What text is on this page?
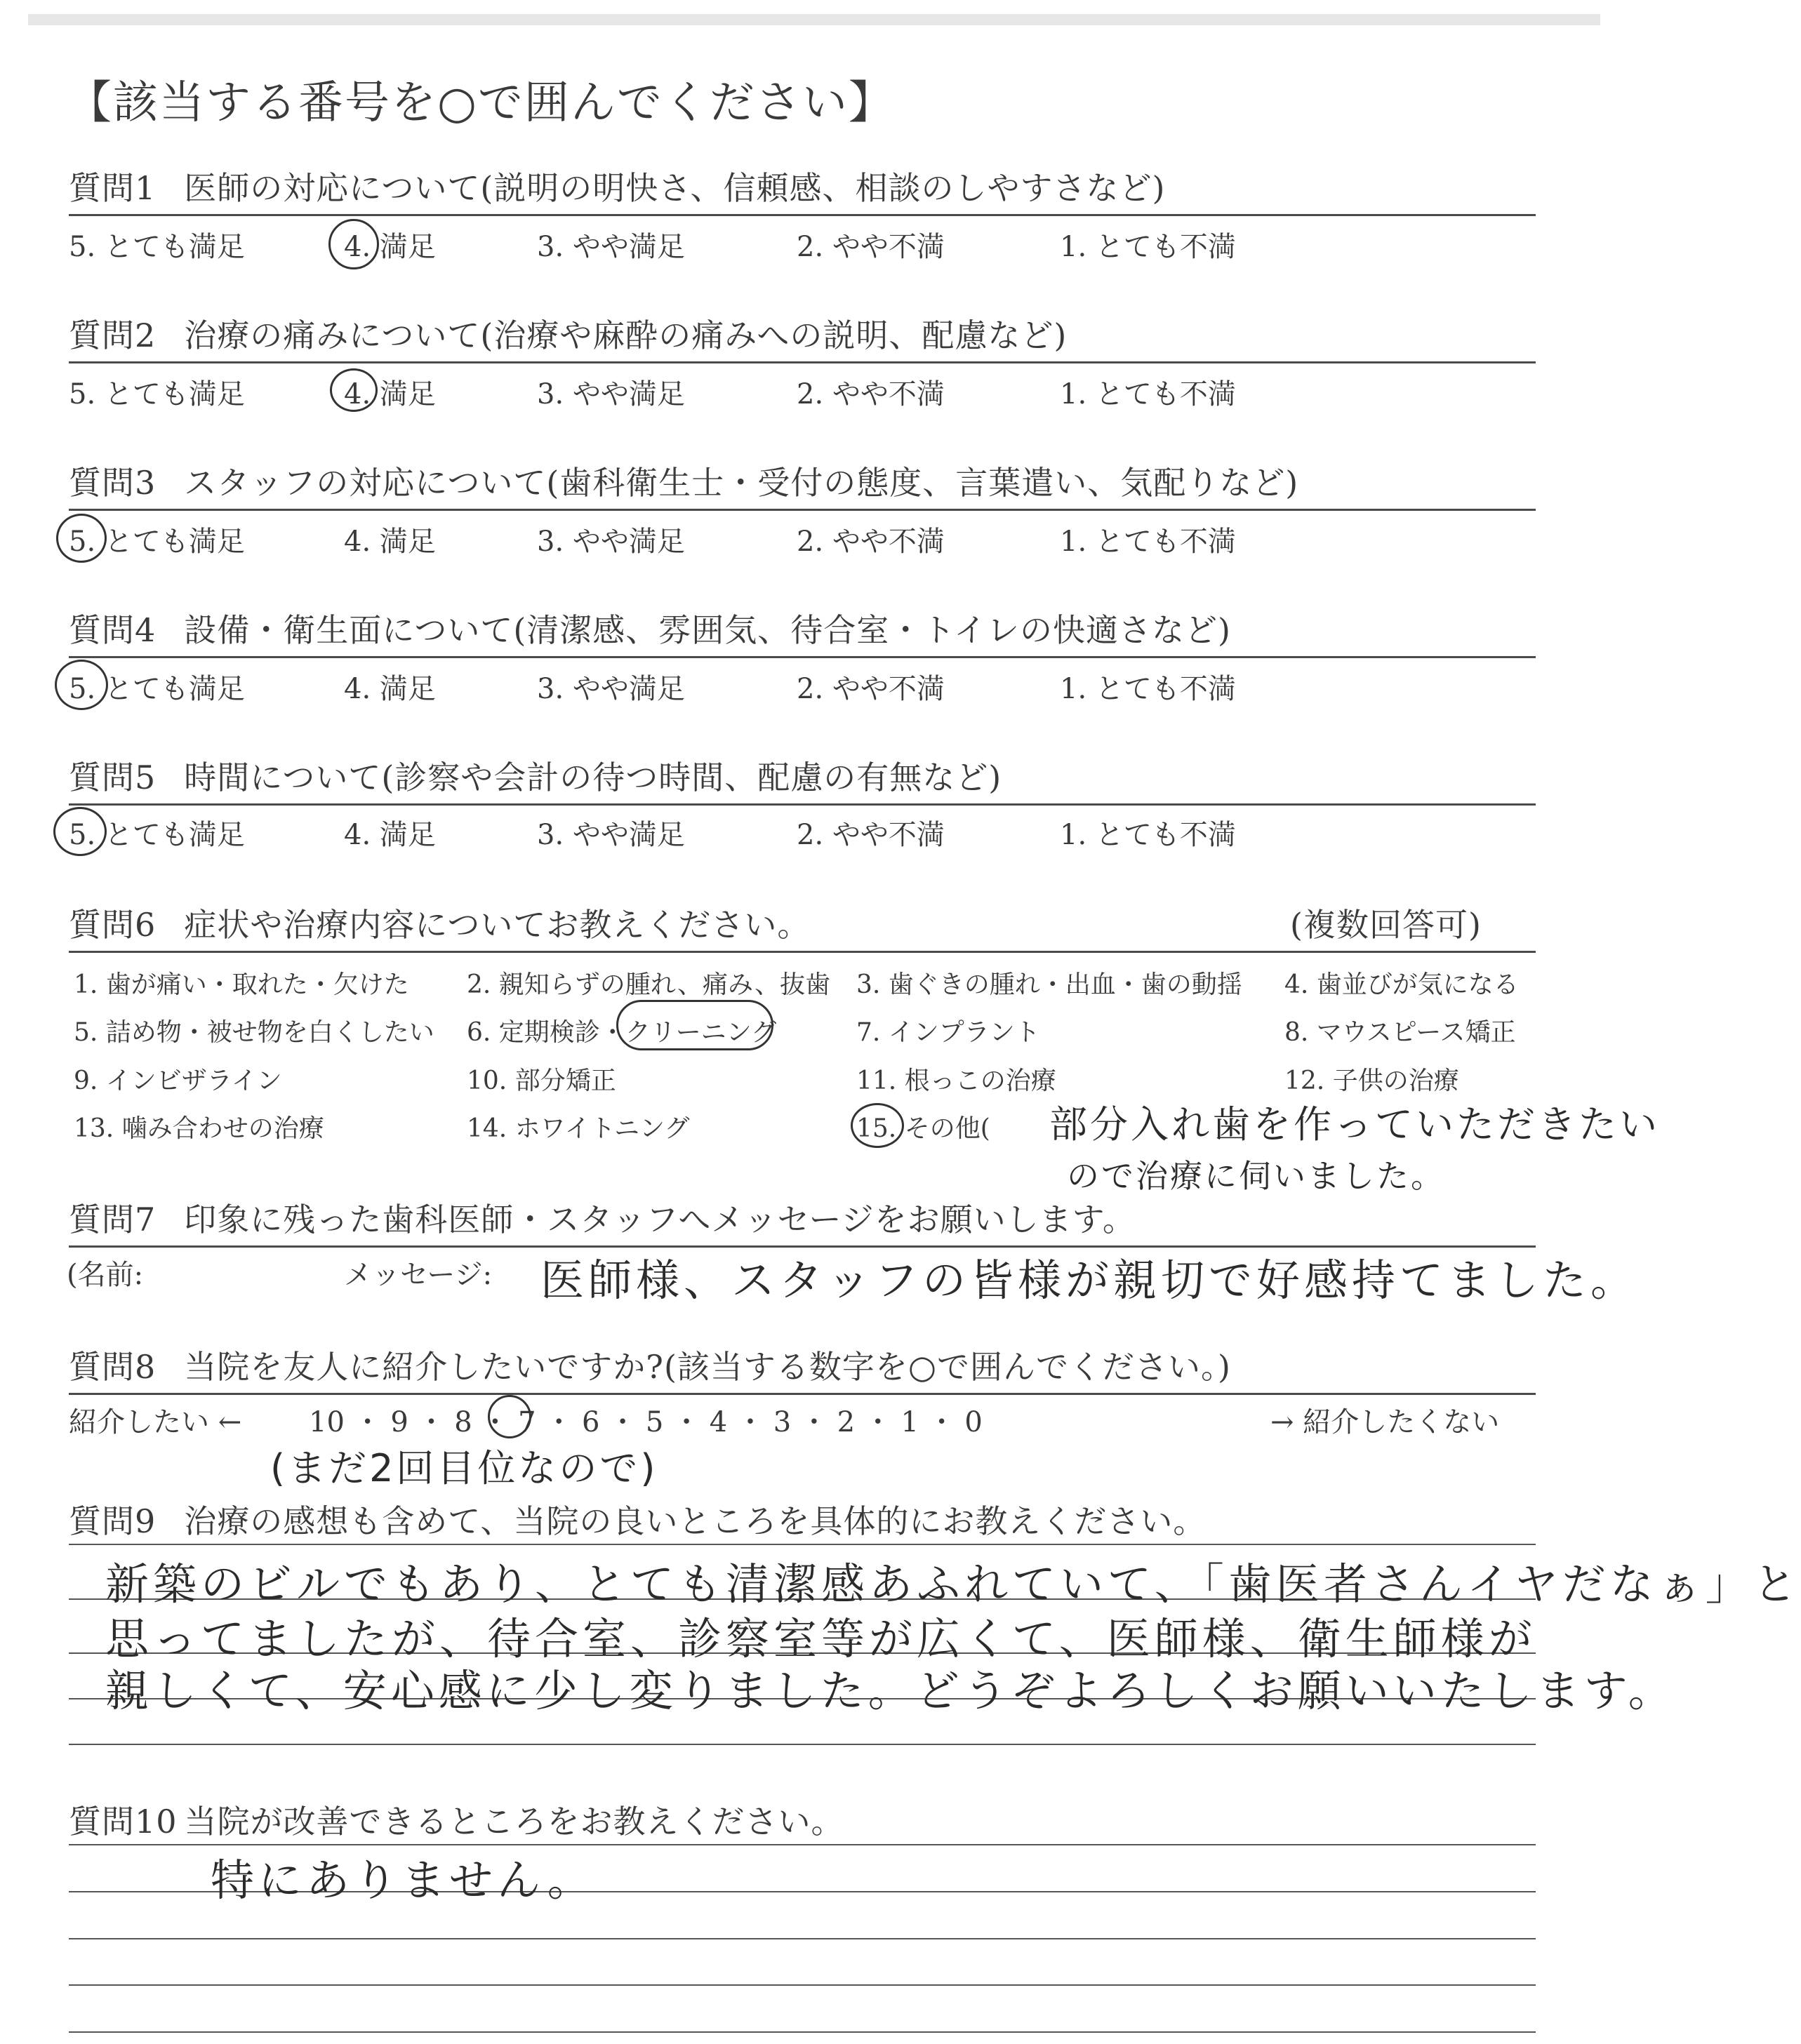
【該当する番号を○で囲んでください】
質問1 医師の対応について(説明の明快さ、信頼感、相談のしやすさなど)
5. とても満足	4. 満足	3. やや満足	2. やや不満	1. とても不満
質問2 治療の痛みについて(治療や麻酔の痛みへの説明、配慮など)
5. とても満足	4. 満足	3. やや満足	2. やや不満	1. とても不満
質問3 スタッフの対応について(歯科衛生士・受付の態度、言葉遣い、気配りなど)
5. とても満足	4. 満足	3. やや満足	2. やや不満	1. とても不満
質問4 設備・衛生面について(清潔感、雰囲気、待合室・トイレの快適さなど)
5. とても満足	4. 満足	3. やや満足	2. やや不満	1. とても不満
質問5 時間について(診察や会計の待つ時間、配慮の有無など)
5. とても満足	4. 満足	3. やや満足	2. やや不満	1. とても不満
質問6 症状や治療内容についてお教えください。	(複数回答可)
1. 歯が痛い・取れた・欠けた 2. 親知らずの腫れ、痛み、抜歯 3. 歯ぐきの腫れ・出血・歯の動揺 4. 歯並びが気になる
5. 詰め物・被せ物を白くしたい 6. 定期検診・クリーニング	7. インプラント	8. マウスピース矯正
9. インビザライン	10. 部分矯正	11. 根っこの治療	12. 子供の治療
13. 噛み合わせの治療	14. ホワイトニング	15. その他( 部分入れ歯を作っていただきたい
ので治療に伺いました。
質問7 印象に残った歯科医師・スタッフへメッセージをお願いします。
(名前:	メッセージ: 医師様、スタッフの皆様が親切で好感持てました。
質問8 当院を友人に紹介したいですか?(該当する数字を○で囲んでください。)
紹介したい ←	→ 紹介したくない
10 ・ 9 ・ 8 ・ 7 ・ 6 ・ 5 ・ 4 ・ 3 ・ 2 ・ 1 ・ 0
(まだ2回目位なので)
質問9 治療の感想も含めて、当院の良いところを具体的にお教えください。
新築のビルでもあり、とても清潔感あふれていて、「歯医者さんイヤだなぁ」と
思ってましたが、待合室、診察室等が広くて、医師様、衛生師様が
親しくて、安心感に少し変りました。どうぞよろしくお願いいたします。
質問10 当院が改善できるところをお教えください。
特にありません。
